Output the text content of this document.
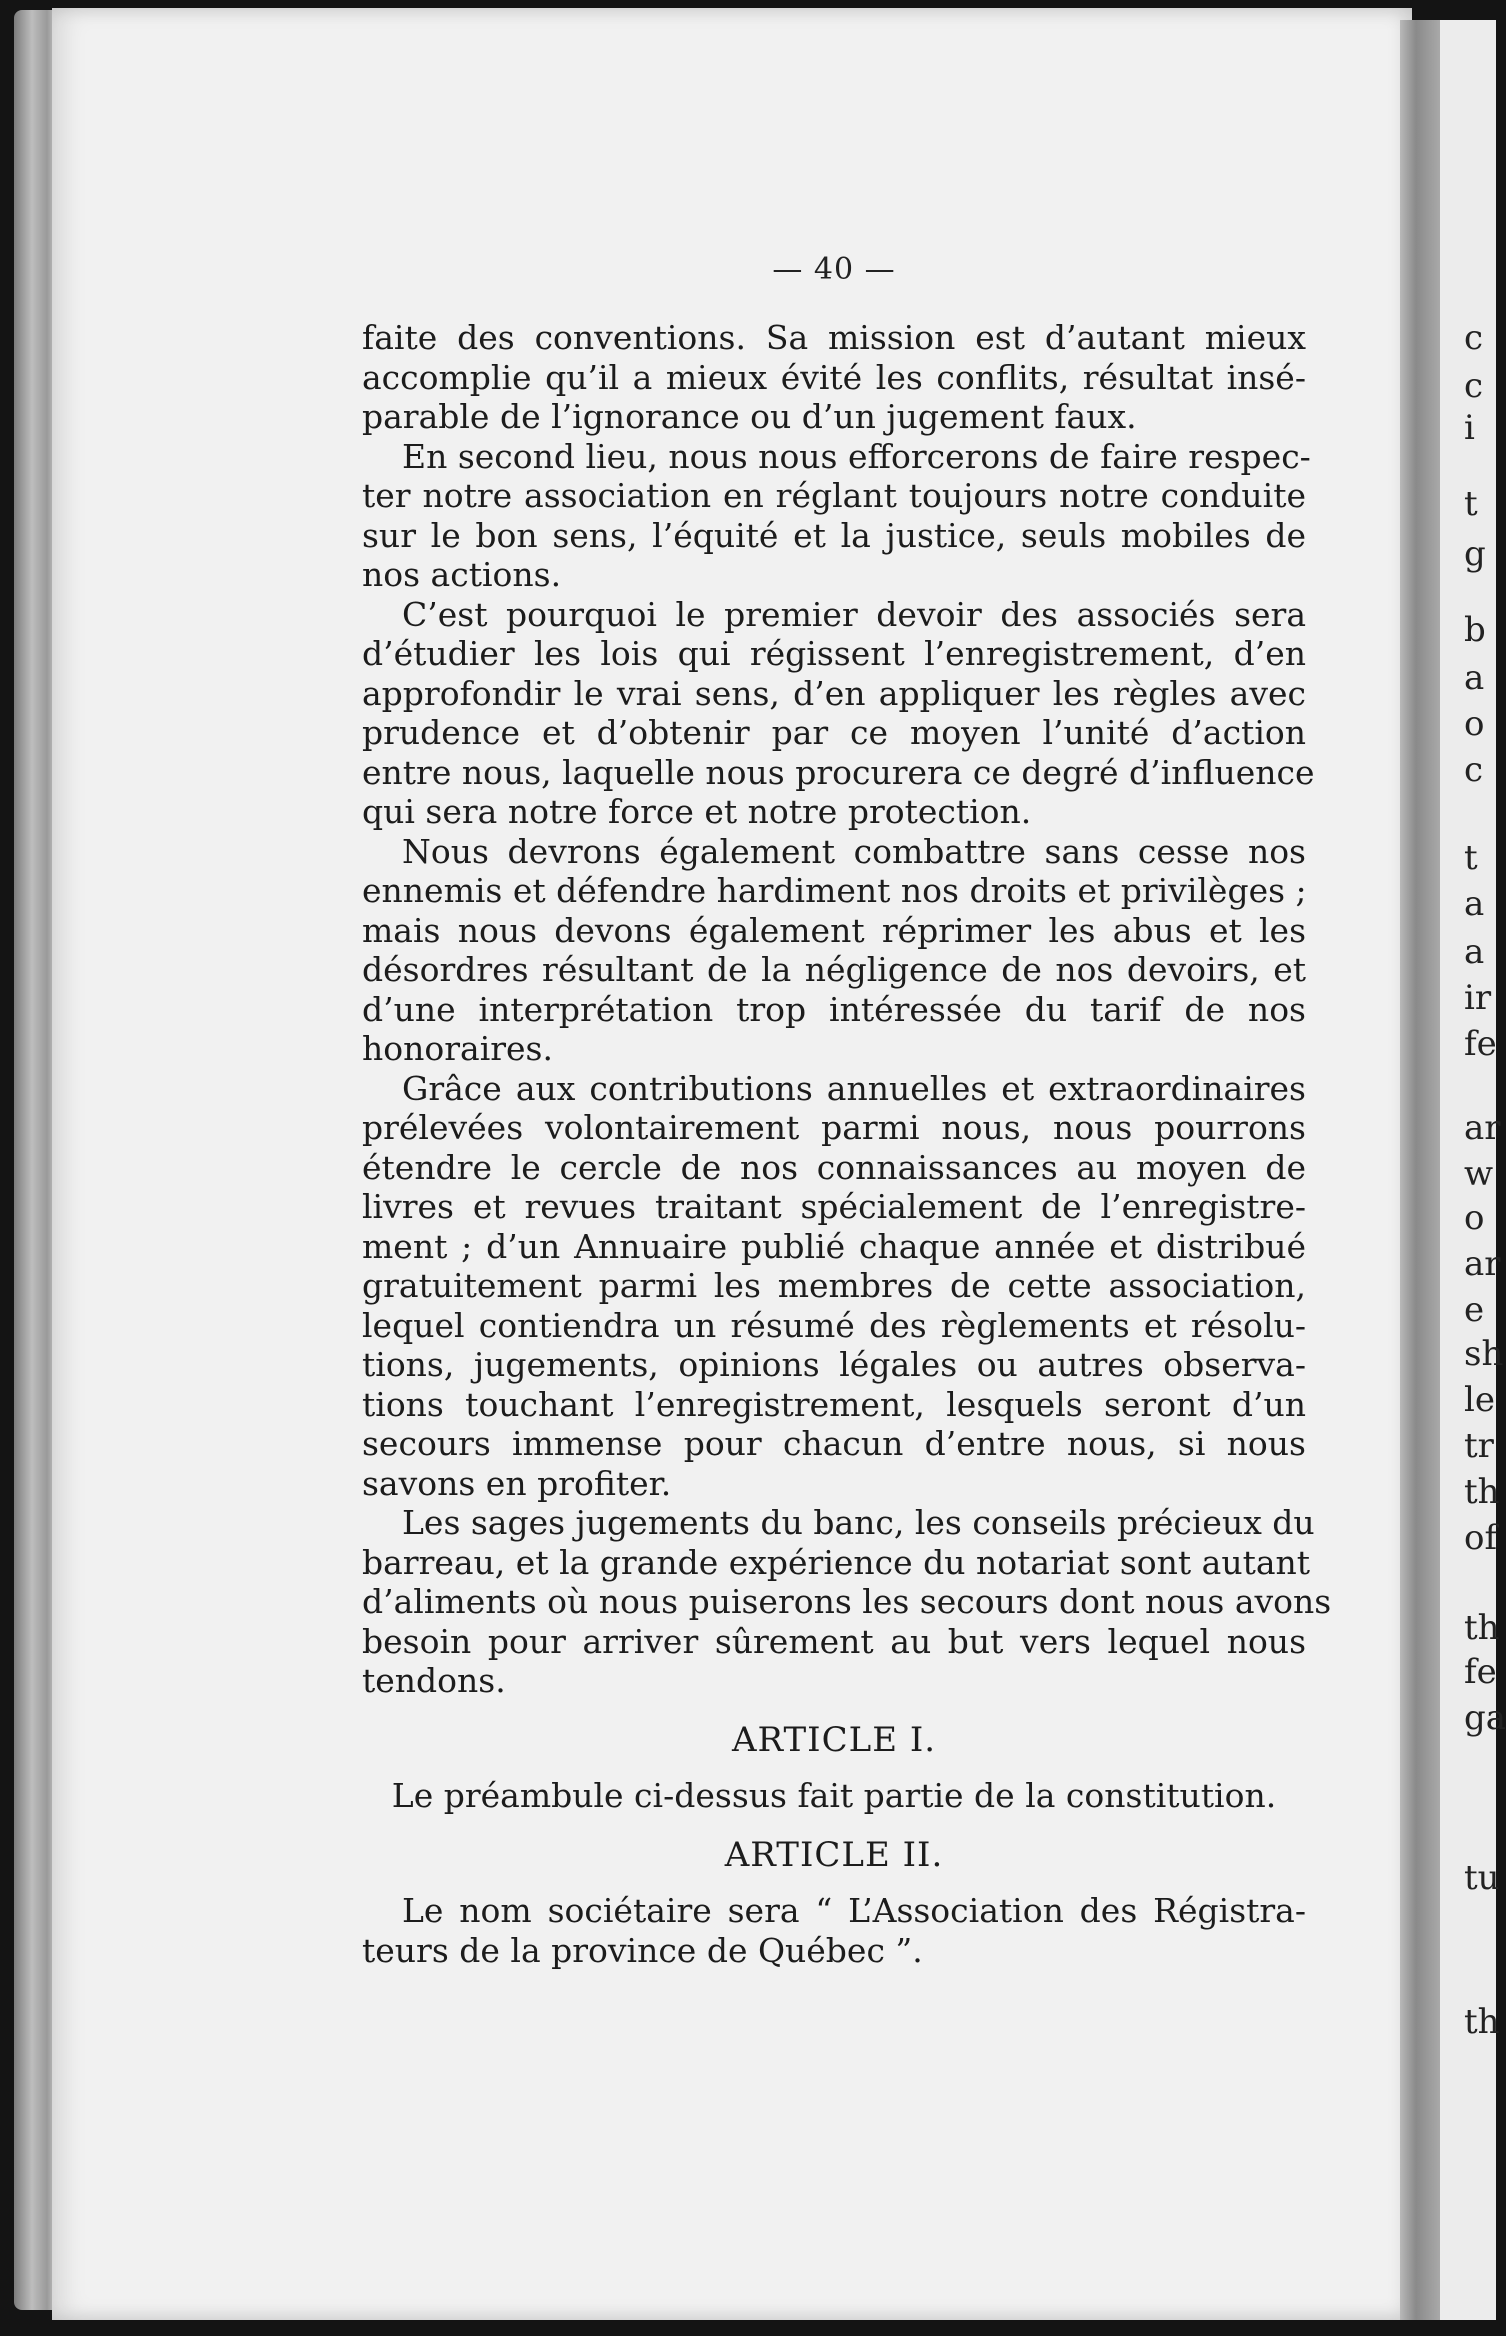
c
c
i
t
g
b
a
o
c
t
a
a
ir
fe
ar
w
o
ar
e
sh
le
tr
th
of
th
fe
ga
tu
th
— 40 —
faite des conventions. Sa mission est d’autant mieux
accomplie qu’il a mieux évité les conflits, résultat insé-
parable de l’ignorance ou d’un jugement faux.
En second lieu, nous nous efforcerons de faire respec-
ter notre association en réglant toujours notre conduite
sur le bon sens, l’équité et la justice, seuls mobiles de
nos actions.
C’est pourquoi le premier devoir des associés sera
d’étudier les lois qui régissent l’enregistrement, d’en
approfondir le vrai sens, d’en appliquer les règles avec
prudence et d’obtenir par ce moyen l’unité d’action
entre nous, laquelle nous procurera ce degré d’influence
qui sera notre force et notre protection.
Nous devrons également combattre sans cesse nos
ennemis et défendre hardiment nos droits et privilèges ;
mais nous devons également réprimer les abus et les
désordres résultant de la négligence de nos devoirs, et
d’une interprétation trop intéressée du tarif de nos
honoraires.
Grâce aux contributions annuelles et extraordinaires
prélevées volontairement parmi nous, nous pourrons
étendre le cercle de nos connaissances au moyen de
livres et revues traitant spécialement de l’enregistre-
ment ; d’un Annuaire publié chaque année et distribué
gratuitement parmi les membres de cette association,
lequel contiendra un résumé des règlements et résolu-
tions, jugements, opinions légales ou autres observa-
tions touchant l’enregistrement, lesquels seront d’un
secours immense pour chacun d’entre nous, si nous
savons en profiter.
Les sages jugements du banc, les conseils précieux du
barreau, et la grande expérience du notariat sont autant
d’aliments où nous puiserons les secours dont nous avons
besoin pour arriver sûrement au but vers lequel nous
tendons.
ARTICLE I.
Le préambule ci-dessus fait partie de la constitution.
ARTICLE II.
Le nom sociétaire sera “ L’Association des Régistra-
teurs de la province de Québec ”.
